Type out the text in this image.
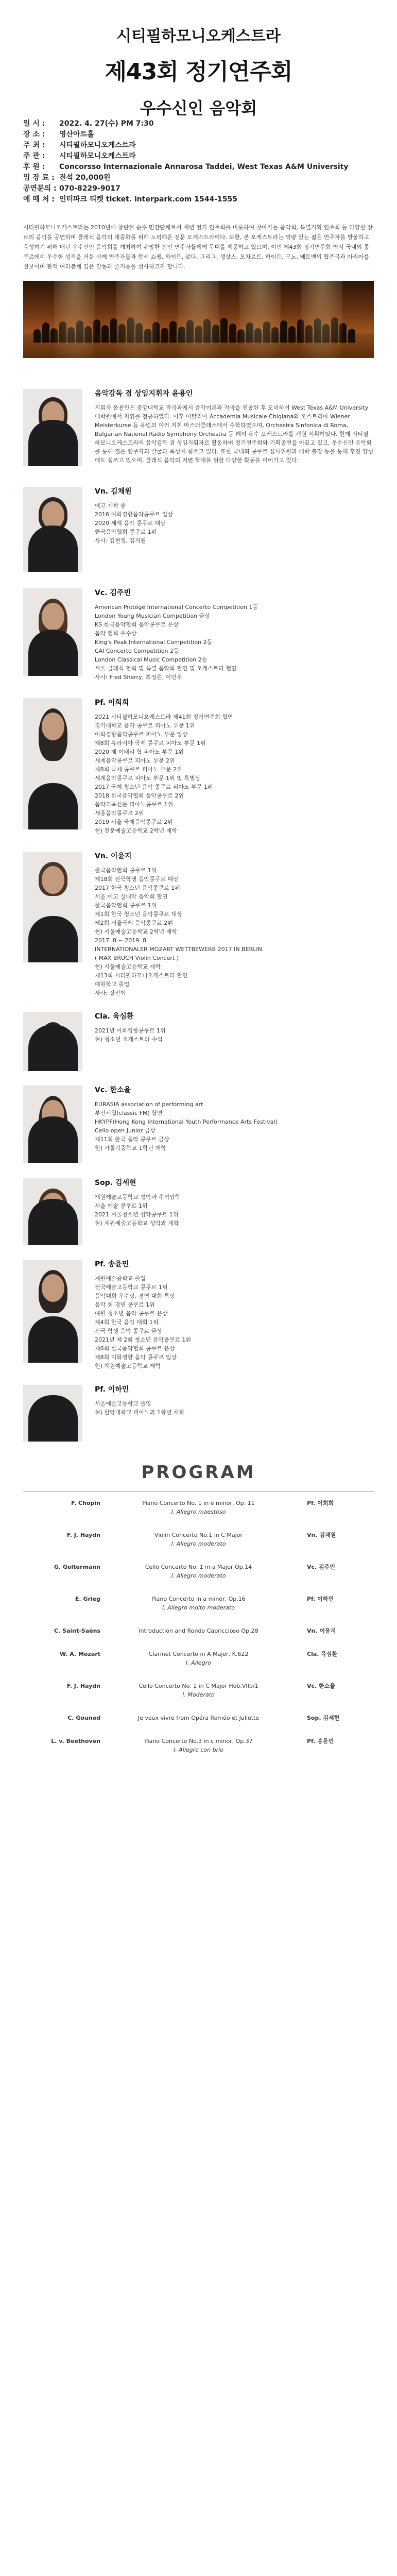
시티필하모니오케스트라
제43회 정기연주회
우수신인 음악회
일 시 :	2022. 4. 27(수) PM 7:30
장 소 :	영산아트홀
주 최 :	시티필하모니오케스트라
주 관 :	시티필하모니오케스트라
후 원 :	Concorsso Internazionale Annarosa Taddei, West Texas A&M University
입 장 료 : 전석 20,000원
공연문의 : 070-8229-9017
예 매 처 : 인터파크 티켓 ticket. interpark.com 1544-1555
시티필하모니오케스트라는 2010년에 창단된 순수 민간단체로서 매년 정기 연주회를 비롯하여 찾아가는 음악회, 특별기획 연주회 등 다양한 장르의 음악을 공연하며 클래식 음악의 대중화를 위해 노력해온 전문 오케스트라이다. 또한, 본 오케스트라는 역량 있는 젊은 연주자를 발굴하고 육성하기 위해 매년 우수신인 음악회를 개최하여 유망한 신인 연주자들에게 무대를 제공하고 있으며, 이번 제43회 정기연주회 역시 국내외 콩쿠르에서 우수한 성적을 거둔 신예 연주자들과 함께 쇼팽, 하이든, 굴다, 그리그, 생상스, 모차르트, 하이든, 구노, 베토벤의 협주곡과 아리아를 선보이며 관객 여러분께 깊은 감동과 즐거움을 선사하고자 합니다.
음악감독 겸 상임지휘자 윤용인
지휘자 윤용인은 중앙대학교 작곡과에서 음악이론과 작곡을 전공한 후 도미하여 West Texas A&M University 대학원에서 지휘를 전공하였다. 이후 이탈리아 Accademia Musicale Chigiana와 오스트리아 Wiener Meisterkurse 등 유럽의 여러 지휘 마스터클래스에서 수학하였으며, Orchestra Sinfonica di Roma, Bulgarian National Radio Symphony Orchestra 등 해외 유수 오케스트라를 객원 지휘하였다. 현재 시티필하모니오케스트라의 음악감독 겸 상임지휘자로 활동하며 정기연주회와 기획공연을 이끌고 있고, 우수신인 음악회를 통해 젊은 연주자의 발굴과 육성에 힘쓰고 있다. 또한 국내외 콩쿠르 심사위원과 대학 출강 등을 통해 후진 양성에도 힘쓰고 있으며, 클래식 음악의 저변 확대를 위한 다양한 활동을 이어가고 있다.
Vn. 김채원
예고 재학 중
2016 이화경향음악콩쿠르 입상
2020 세계 음악 콩쿠르 대상
한국음악협회 콩쿠르 1위
사사: 김현정, 김지원
Vc. 김주빈
American Protégé International Concerto Competition 1등
London Young Musician Competition 금상
KS 한국음악협회 음악콩쿠르 은상
음악 협회 우수상
King's Peak International Competition 2등
CAI Concerto Competition 2등
London Classical Music Competition 2등
서울 클래식 협회 및 특별 음악회 협연 및 오케스트라 협연
사사: Fred Sherry, 최정은, 이민우
Pf. 이희희
2021 시티필하모니오케스트라 제41회 정기연주회 협연
경기대학교 음악 콩쿠르 피아노 부문 1위
이화경향음악콩쿠르 피아노 부문 입상
제8회 유라시아 국제 콩쿠르 피아노 부문 1위
2020 제 이태리 협 피아노 부문 1위
세계음악콩쿠르 피아노 부문 2위
제8회 국제 콩쿠르 피아노 부문 2위
세계음악콩쿠르 피아노 부문 1위 및 특별상
2017 국제 청소년 음악 콩쿠르 피아노 부문 1위
2018 한국음악협회 음악콩쿠르 2위
음악교육신문 피아노콩쿠르 1위
세종음악콩쿠르 2위
2019 서울 국제음악콩쿠르 2위
현) 전문예술고등학교 2학년 재학
Vn. 이윤지
한국음악협회 콩쿠르 1위
제18회 전국학생 음악콩쿠르 대상
2017 한국 청소년 음악콩쿠르 1위
서울 예고 실내악 음악회 협연
한국음악협회 콩쿠르 1위
제1회 한국 청소년 음악콩쿠르 대상
제2회 서울국제 음악콩쿠르 2위
현) 서울예술고등학교 2학년 재학
2017. 8 ~ 2019. 8
INTERNATIONALER MOZART WETTBEWERB 2017 IN BERLIN
( MAX BRUCH Violin Concert )
현) 서울예술고등학교 재학
제13회 시티필하모니오케스트라 협연
예원학교 졸업
사사: 장진이
Cla. 육심환
2021년 이화경향콩쿠르 1위
현) 청소년 오케스트라 수석
Vc. 한소율
EURASIA association of performing art
부산시립(classic FM) 협연
HKYPF(Hong Kong International Youth Performance Arts Festival)
Cello open Junior 금상
제11회 한국 음악 콩쿠르 금상
현) 가톨릭중학교 1학년 재학
Sop. 김세현
계원예술고등학교 성악과 수석입학
서울 예술 콩쿠르 1위
2021 서울청소년 성악콩쿠르 1위
현) 계원예술고등학교 성악과 재학
Pf. 송윤민
계원예술중학교 졸업
전국예술고등학교 콩쿠르 1위
음악대회 우수상, 경연 대회 특상
음악 회 경연 콩쿠르 1위
예원 청소년 음악 콩쿠르 은상
제4회 한국 음악 대회 1위
전국 학생 음악 콩쿠르 금상
2021년 제 2회 청소년 음악콩쿠르 1위
제6회 한국음악협회 콩쿠르 은상
제8회 이화경향 음악 콩쿠르 입상
현) 계원예술고등학교 재학
Pf. 이하민
서울예술고등학교 졸업
현) 한양대학교 피아노과 1학년 재학
PROGRAM
F. Chopin	Piano Concerto No. 1 in e minor, Op. 11	Pf. 이희희
I. Allegro maestoso
F. J. Haydn	Violin Concerto No.1 in C Major	Vn. 김채원
I. Allegro moderato
G. Goltermann	Cello Concerto No. 1 in a Major Op.14	Vc. 김주빈
I. Allegro moderato
E. Grieg	Piano Concerto in a minor, Op.16	Pf. 이하민
I. Allegro molto moderato
C. Saint-Saëns	Introduction and Rondo Capriccioso Op.28	Vn. 이윤지
W. A. Mozart	Clarinet Concerto in A Major, K.622	Cla. 육심환
I. Allegro
F. J. Haydn	Cello Concerto No. 1 in C Major Hob.VIIb/1	Vc. 한소율
I. Moderato
C. Gounod	Je veux vivre from Opéra Roméo et Juliette	Sop. 김세현
L. v. Beethoven	Piano Concerto No.3 in c minor, Op.37	Pf. 송윤민
I. Allegro con brio
